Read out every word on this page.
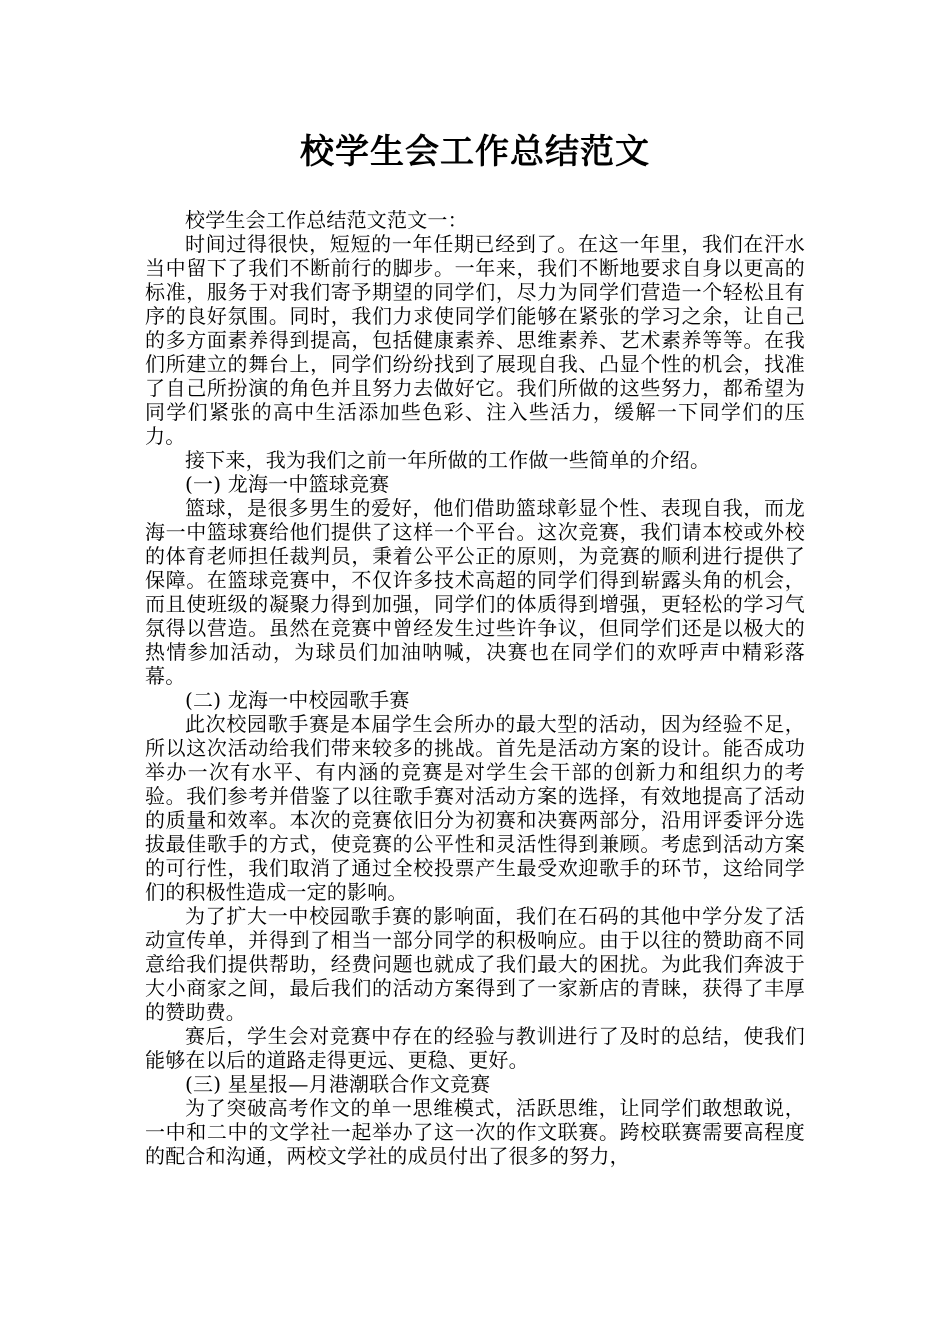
校学生会工作总结范文

校学生会工作总结范文范文一：

时间过得很快，短短的一年任期已经到了。在这一年里，我们在汗水当中留下了我们不断前行的脚步。一年来，我们不断地要求自身以更高的标准，服务于对我们寄予期望的同学们，尽力为同学们营造一个轻松且有序的良好氛围。同时，我们力求使同学们能够在紧张的学习之余，让自己的多方面素养得到提高，包括健康素养、思维素养、艺术素养等等。在我们所建立的舞台上，同学们纷纷找到了展现自我、凸显个性的机会，找准了自己所扮演的角色并且努力去做好它。我们所做的这些努力，都希望为同学们紧张的高中生活添加些色彩、注入些活力，缓解一下同学们的压力。

接下来，我为我们之前一年所做的工作做一些简单的介绍。

(一) 龙海一中篮球竞赛

篮球，是很多男生的爱好，他们借助篮球彰显个性、表现自我，而龙海一中篮球赛给他们提供了这样一个平台。这次竞赛，我们请本校或外校的体育老师担任裁判员，秉着公平公正的原则，为竞赛的顺利进行提供了保障。在篮球竞赛中，不仅许多技术高超的同学们得到崭露头角的机会，而且使班级的凝聚力得到加强，同学们的体质得到增强，更轻松的学习气氛得以营造。虽然在竞赛中曾经发生过些许争议，但同学们还是以极大的热情参加活动，为球员们加油呐喊，决赛也在同学们的欢呼声中精彩落幕。

(二) 龙海一中校园歌手赛

此次校园歌手赛是本届学生会所办的最大型的活动，因为经验不足，所以这次活动给我们带来较多的挑战。首先是活动方案的设计。能否成功举办一次有水平、有内涵的竞赛是对学生会干部的创新力和组织力的考验。我们参考并借鉴了以往歌手赛对活动方案的选择，有效地提高了活动的质量和效率。本次的竞赛依旧分为初赛和决赛两部分，沿用评委评分选拔最佳歌手的方式，使竞赛的公平性和灵活性得到兼顾。考虑到活动方案的可行性，我们取消了通过全校投票产生最受欢迎歌手的环节，这给同学们的积极性造成一定的影响。

为了扩大一中校园歌手赛的影响面，我们在石码的其他中学分发了活动宣传单，并得到了相当一部分同学的积极响应。由于以往的赞助商不同意给我们提供帮助，经费问题也就成了我们最大的困扰。为此我们奔波于大小商家之间，最后我们的活动方案得到了一家新店的青睐，获得了丰厚的赞助费。

赛后，学生会对竞赛中存在的经验与教训进行了及时的总结，使我们能够在以后的道路走得更远、更稳、更好。

(三) 星星报—月港潮联合作文竞赛

为了突破高考作文的单一思维模式，活跃思维，让同学们敢想敢说，一中和二中的文学社一起举办了这一次的作文联赛。跨校联赛需要高程度的配合和沟通，两校文学社的成员付出了很多的努力，
